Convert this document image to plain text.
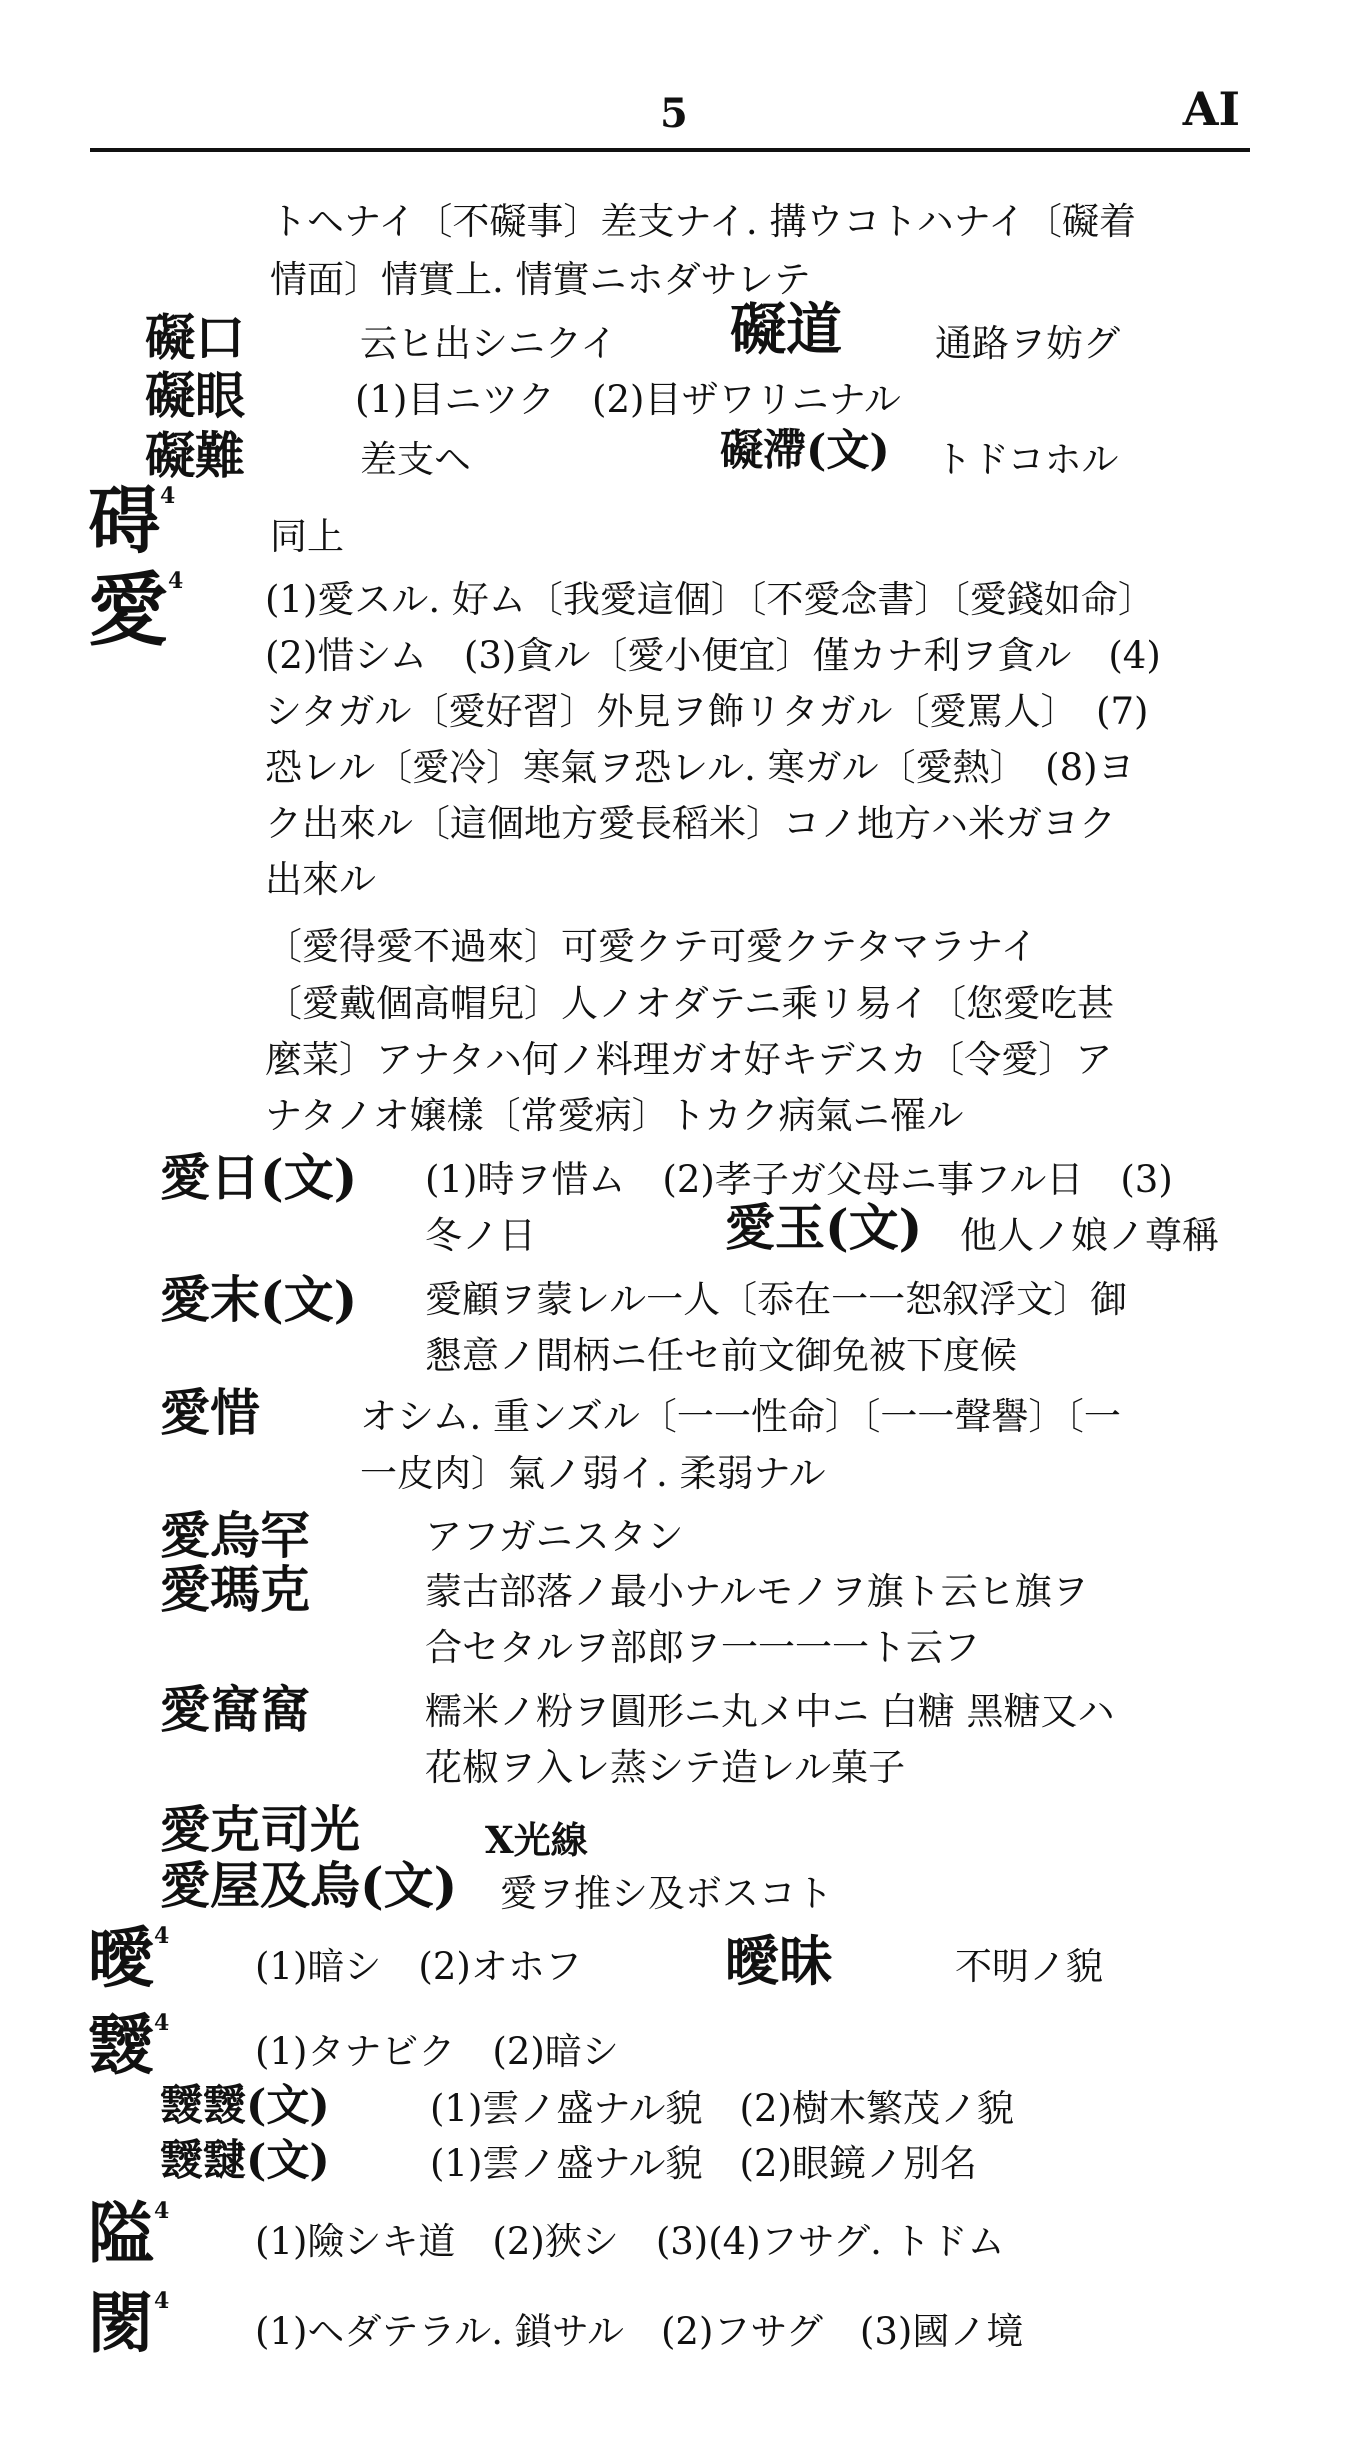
5	AI
トヘナイ〔不礙事〕差支ナイ. 搆ウコトハナイ〔礙着
情面〕情實上. 情實ニホダサレテ
礙口	云ヒ出シニクイ 礙道	通路ヲ妨グ
礙眼	(1)目ニツク　(2)目ザワリニナル
礙難	差支ヘ	礙滯(文) トドコホル
碍$^4$
同上
愛$^4$ (1)愛スル. 好ム〔我愛這個〕〔不愛念書〕〔愛錢如命〕
(2)惜シム　(3)貪ル〔愛小便宜〕僅カナ利ヲ貪ル　(4)
シタガル〔愛好習〕外見ヲ飾リタガル〔愛罵人〕　(7)
恐レル〔愛冷〕寒氣ヲ恐レル. 寒ガル〔愛熱〕　(8)ヨ
ク出來ル〔這個地方愛長稻米〕コノ地方ハ米ガヨク
出來ル
〔愛得愛不過來〕可愛クテ可愛クテタマラナイ
〔愛戴個高帽兒〕人ノオダテニ乘リ易イ〔您愛吃甚
麼菜〕アナタハ何ノ料理ガオ好キデスカ〔令愛〕ア
ナタノオ嬢樣〔常愛病〕トカク病氣ニ罹ル
愛日(文) (1)時ヲ惜ム　(2)孝子ガ父母ニ事フル日　(3)
冬ノ日	愛玉(文) 他人ノ娘ノ尊稱
愛末(文) 愛顧ヲ蒙レル一人〔忝在一一恕叙浮文〕御
懇意ノ間柄ニ任セ前文御免被下度候
愛惜	オシム. 重ンズル〔一一性命〕〔一一聲譽〕〔一
一皮肉〕氣ノ弱イ. 柔弱ナル
愛烏罕	アフガニスタン
愛瑪克	蒙古部落ノ最小ナルモノヲ旗ト云ヒ旗ヲ
合セタルヲ部郎ヲ一一一一ト云フ
愛窩窩	糯米ノ粉ヲ圓形ニ丸メ中ニ 白糖 黑糖又ハ
花椒ヲ入レ蒸シテ造レル菓子
愛克司光	X光線
愛屋及烏(文) 愛ヲ推シ及ボスコト
曖$^4$
(1)暗シ　(2)オホフ	曖昧	不明ノ貌
靉$^4$
(1)タナビク　(2)暗シ
靉靉(文)	(1)雲ノ盛ナル貌　(2)樹木繁茂ノ貌
靉靆(文)	(1)雲ノ盛ナル貌　(2)眼鏡ノ別名
隘$^4$
(1)險シキ道　(2)狹シ　(3)(4)フサグ. トドム
閡$^4$
(1)ヘダテラル. 鎖サル　(2)フサグ　(3)國ノ境
